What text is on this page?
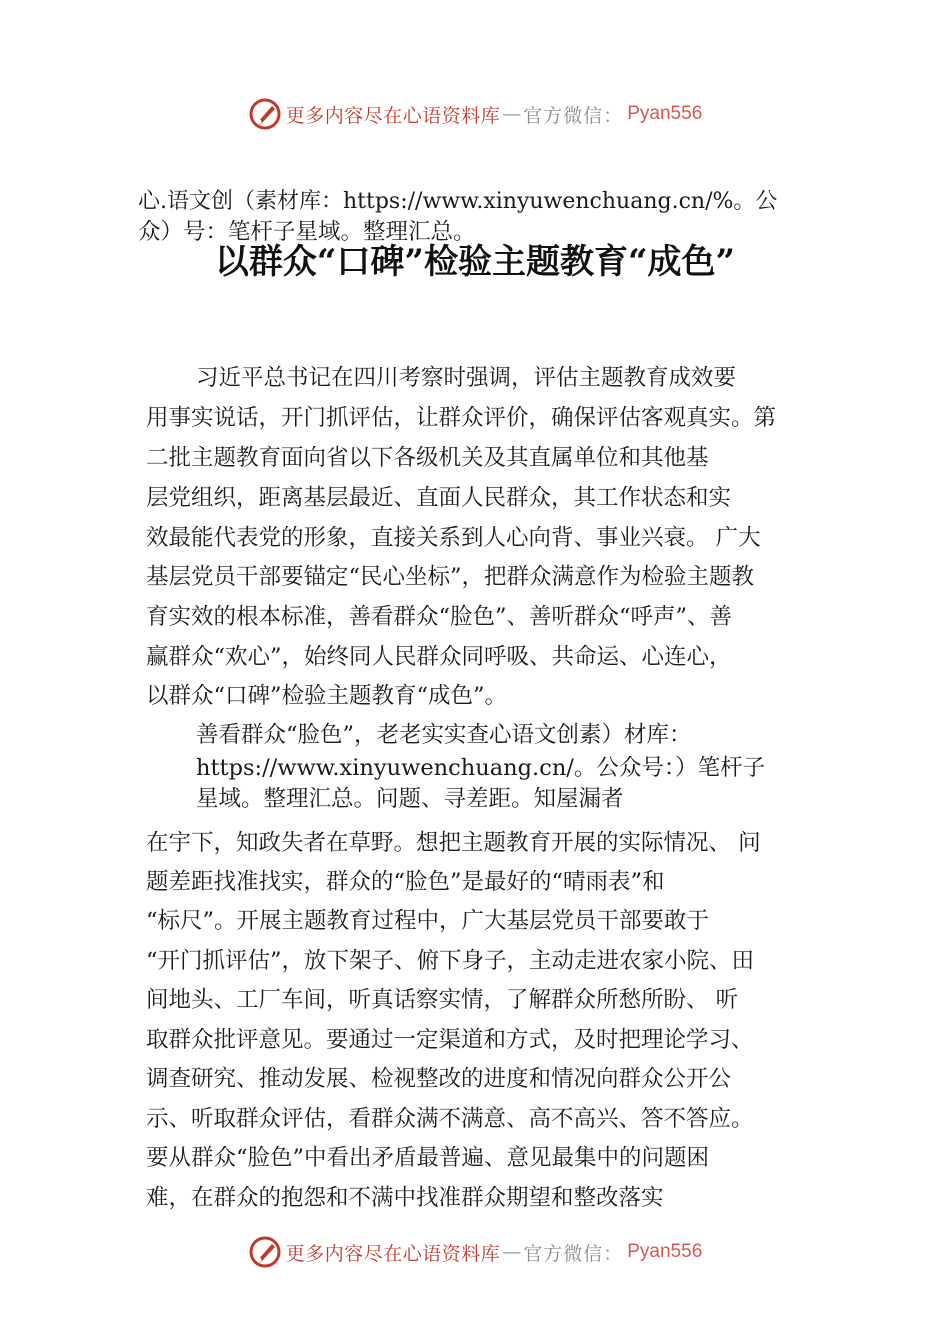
更多内容尽在心语资料库 — 官方微信： Pyan556
心.语文创（素材库：https://www.xinyuwenchuang.cn/%。公
众）号：笔杆子星域。整理汇总。
以群众“口碑”检验主题教育“成色”
习近平总书记在四川考察时强调，评估主题教育成效要
用事实说话，开门抓评估，让群众评价，确保评估客观真实。第
二批主题教育面向省以下各级机关及其直属单位和其他基
层党组织，距离基层最近、直面人民群众，其工作状态和实
效最能代表党的形象，直接关系到人心向背、事业兴衰。 广大
基层党员干部要锚定“民心坐标”，把群众满意作为检验主题教
育实效的根本标准，善看群众“脸色”、善听群众“呼声”、善
赢群众“欢心”，始终同人民群众同呼吸、共命运、心连心，
以群众“口碑”检验主题教育“成色”。
善看群众“脸色”，老老实实查心语文创素）材库：
https://www.xinyuwenchuang.cn/。公众号：）笔杆子
星域。整理汇总。问题、寻差距。知屋漏者
在宇下，知政失者在草野。想把主题教育开展的实际情况、 问
题差距找准找实，群众的“脸色”是最好的“晴雨表”和
“标尺”。开展主题教育过程中，广大基层党员干部要敢于
“开门抓评估”，放下架子、俯下身子，主动走进农家小院、田
间地头、工厂车间，听真话察实情，了解群众所愁所盼、 听
取群众批评意见。要通过一定渠道和方式，及时把理论学习、
调查研究、推动发展、检视整改的进度和情况向群众公开公
示、听取群众评估，看群众满不满意、高不高兴、答不答应。
要从群众“脸色”中看出矛盾最普遍、意见最集中的问题困
难，在群众的抱怨和不满中找准群众期望和整改落实
更多内容尽在心语资料库 — 官方微信： Pyan556
